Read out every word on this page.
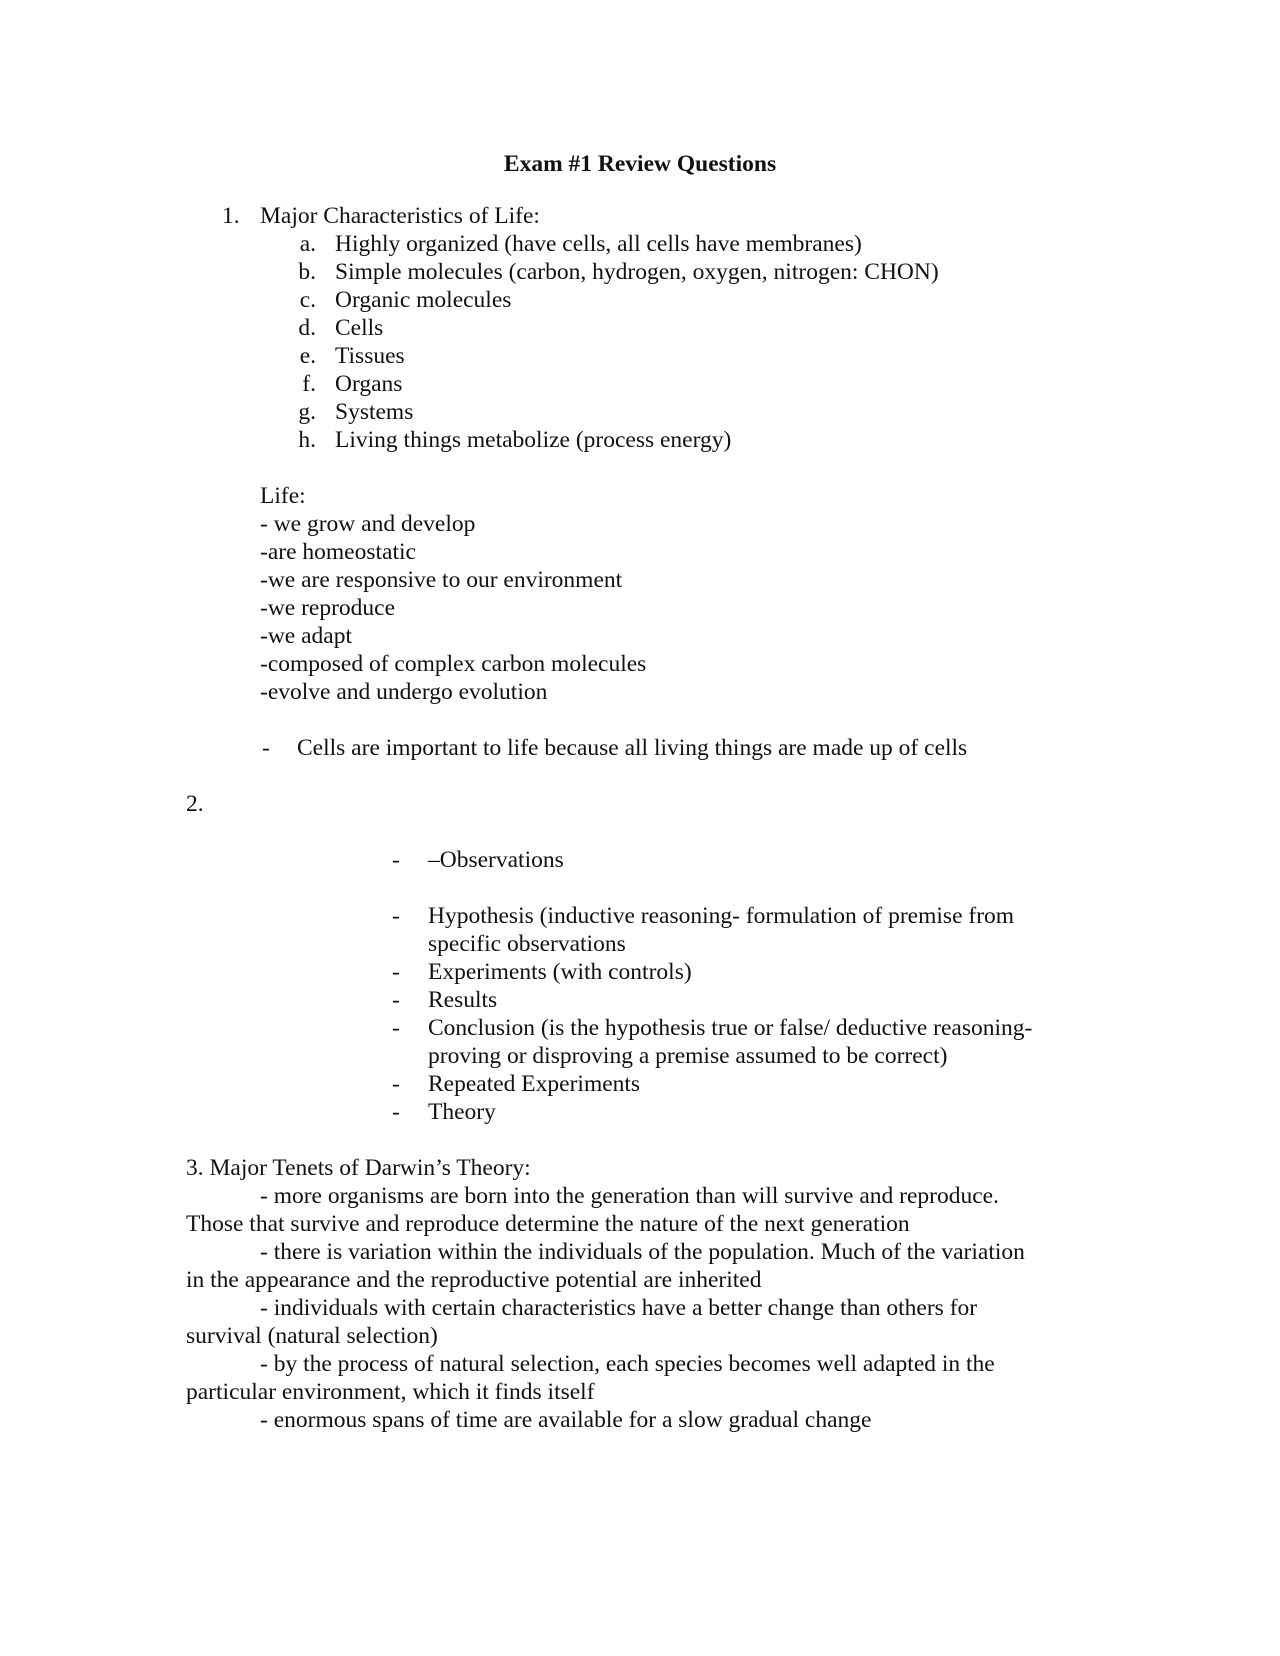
Exam #1 Review Questions
1. Major Characteristics of Life:
a. Highly organized (have cells, all cells have membranes)
b. Simple molecules (carbon, hydrogen, oxygen, nitrogen: CHON)
c. Organic molecules
d. Cells
e. Tissues
f. Organs
g. Systems
h. Living things metabolize (process energy)
Life:
- we grow and develop
-are homeostatic
-we are responsive to our environment
-we reproduce
-we adapt
-composed of complex carbon molecules
-evolve and undergo evolution
- Cells are important to life because all living things are made up of cells
2.
- –Observations
- Hypothesis (inductive reasoning- formulation of premise from
specific observations
- Experiments (with controls)
- Results
- Conclusion (is the hypothesis true or false/ deductive reasoning-
proving or disproving a premise assumed to be correct)
- Repeated Experiments
- Theory
3. Major Tenets of Darwin’s Theory:
- more organisms are born into the generation than will survive and reproduce.
Those that survive and reproduce determine the nature of the next generation
- there is variation within the individuals of the population. Much of the variation
in the appearance and the reproductive potential are inherited
- individuals with certain characteristics have a better change than others for
survival (natural selection)
- by the process of natural selection, each species becomes well adapted in the
particular environment, which it finds itself
- enormous spans of time are available for a slow gradual change
